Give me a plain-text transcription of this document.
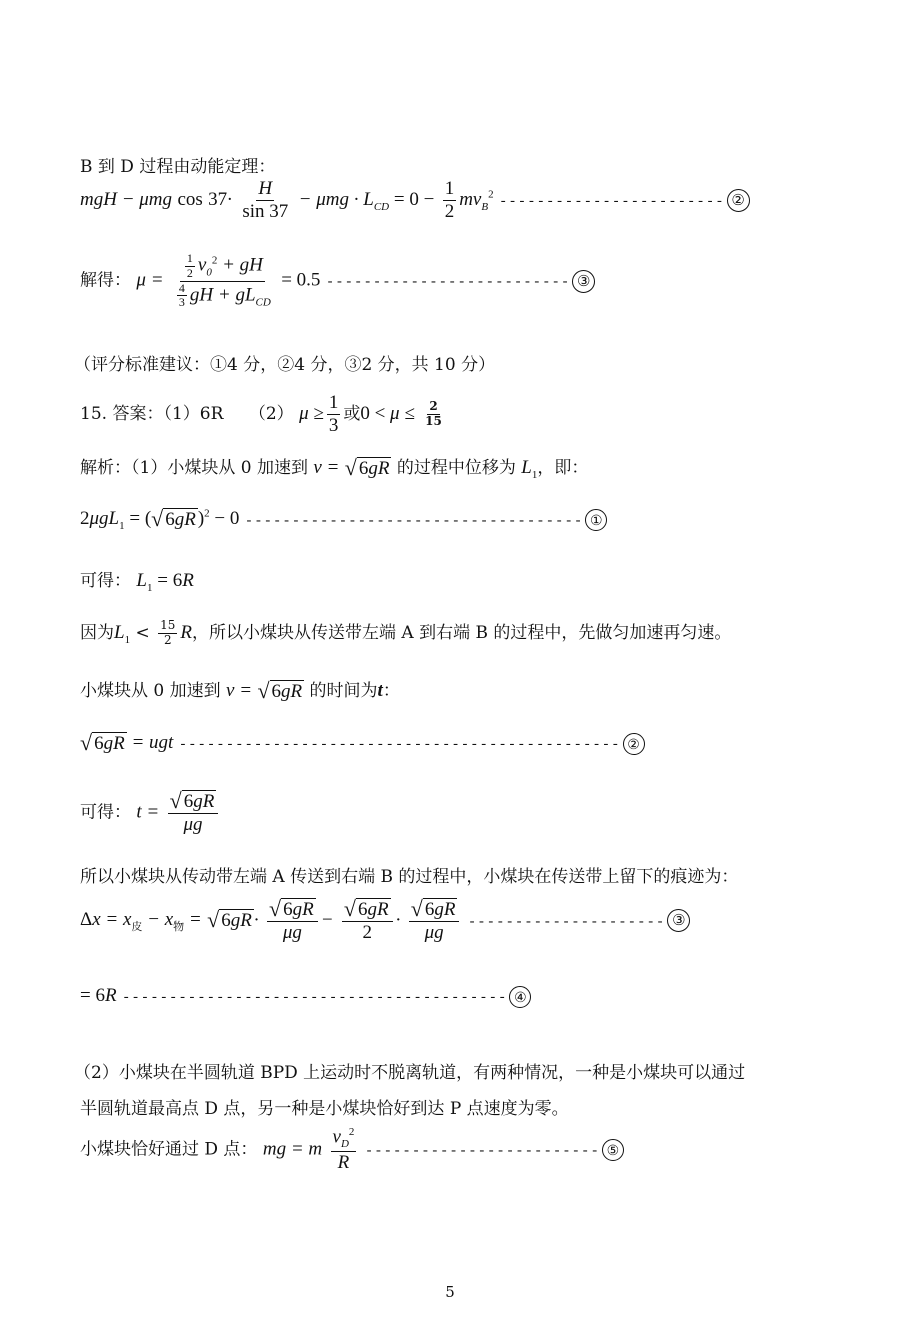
B 到 D 过程由动能定理：
mgH − μmg $\cos 37\cdot \frac{H}{\sin 37} - \mu mg \cdot L_{CD} = 0 - \frac{1}{2} mv_B^2$ ------------------------ ②
解得： $\mu = \frac{\frac{1}{2} v_0^2 + gH}{\frac{4}{3} gH + gL_{CD}} = 0.5$ -------------------------- ③
（评分标准建议：①4 分，②4 分，③2 分，共 10 分）
15. 答案：（1）6R　　（2） $\mu \ge \frac{1}{3}$ 或$0 < \mu \le \frac{2}{15}$
解析：（1）小煤块从 0 加速到 v = √ 6gR 的过程中位移为 $L_1$，即：
2μgL$_1$ = ( √ 6gR )$^2$ − 0 ------------------------------------ ①
可得： $L_1 = 6R$
因为$L_1 < \frac{15}{2}$ R，所以小煤块从传送带左端 A 到右端 B 的过程中，先做匀加速再匀速。
小煤块从 0 加速到 v = √ 6gR 的时间为t：
√ 6gR = ugt ----------------------------------------------- ②
可得： $t = \frac{√ 6gR}{\mu g}$
所以小煤块从传动带左端 A 传送到右端 B 的过程中，小煤块在传送带上留下的痕迹为：
$\Delta x = x_皮 - x_物$ = √ $6gR \cdot \frac{√ 6gR}{\mu g} - \frac{√ 6gR}{2} \cdot \frac{√ 6gR}{\mu g}$ --------------------- ③
= 6R ----------------------------------------- ④
（2）小煤块在半圆轨道 BPD 上运动时不脱离轨道，有两种情况，一种是小煤块可以通过
半圆轨道最高点 D 点，另一种是小煤块恰好到达 P 点速度为零。
小煤块恰好通过 D 点： mg = m $\frac{v_D^2}{R}$ ------------------------- ⑤
5
